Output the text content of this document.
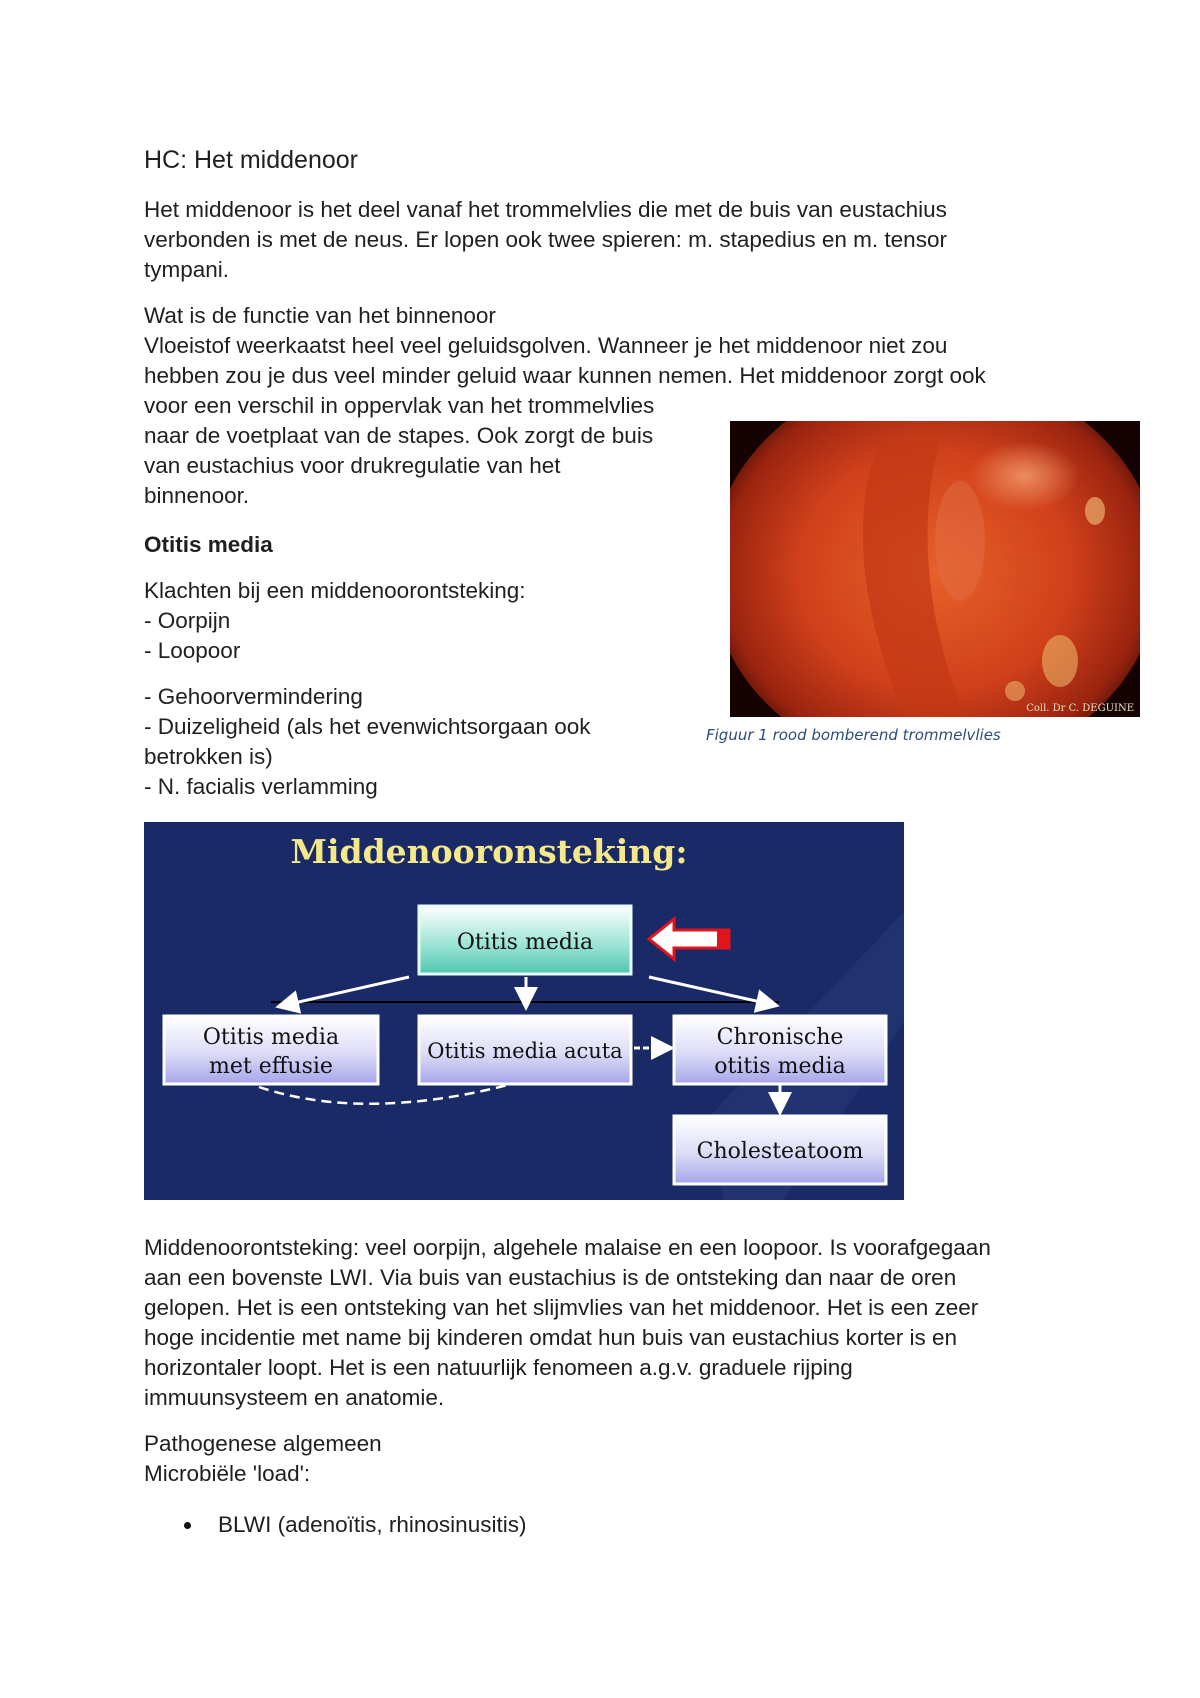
HC: Het middenoor

Het middenoor is het deel vanaf het trommelvlies die met de buis van eustachius

verbonden is met de neus. Er lopen ook twee spieren: m. stapedius en m. tensor

tympani.

Wat is de functie van het binnenoor

Vloeistof weerkaatst heel veel geluidsgolven. Wanneer je het middenoor niet zou

hebben zou je dus veel minder geluid waar kunnen nemen. Het middenoor zorgt ook

voor een verschil in oppervlak van het trommelvlies

naar de voetplaat van de stapes. Ook zorgt de buis

van eustachius voor drukregulatie van het

binnenoor.

Otitis media

Klachten bij een middenoorontsteking:

- Oorpijn

- Loopoor

- Gehoorvermindering

- Duizeligheid (als het evenwichtsorgaan ook

betrokken is)

- N. facialis verlamming

Coll. Dr C. DEGUINE
Figuur 1 rood bomberend trommelvlies
Middenooronsteking:
Otitis media
Otitis media
met effusie
Otitis media acuta
Chronische
otitis media
Cholesteatoom

Middenoorontsteking: veel oorpijn, algehele malaise en een loopoor. Is voorafgegaan

aan een bovenste LWI. Via buis van eustachius is de ontsteking dan naar de oren

gelopen. Het is een ontsteking van het slijmvlies van het middenoor. Het is een zeer

hoge incidentie met name bij kinderen omdat hun buis van eustachius korter is en

horizontaler loopt. Het is een natuurlijk fenomeen a.g.v. graduele rijping

immuunsysteem en anatomie.

Pathogenese algemeen

Microbiële 'load':

BLWI (adenoïtis, rhinosinusitis)
